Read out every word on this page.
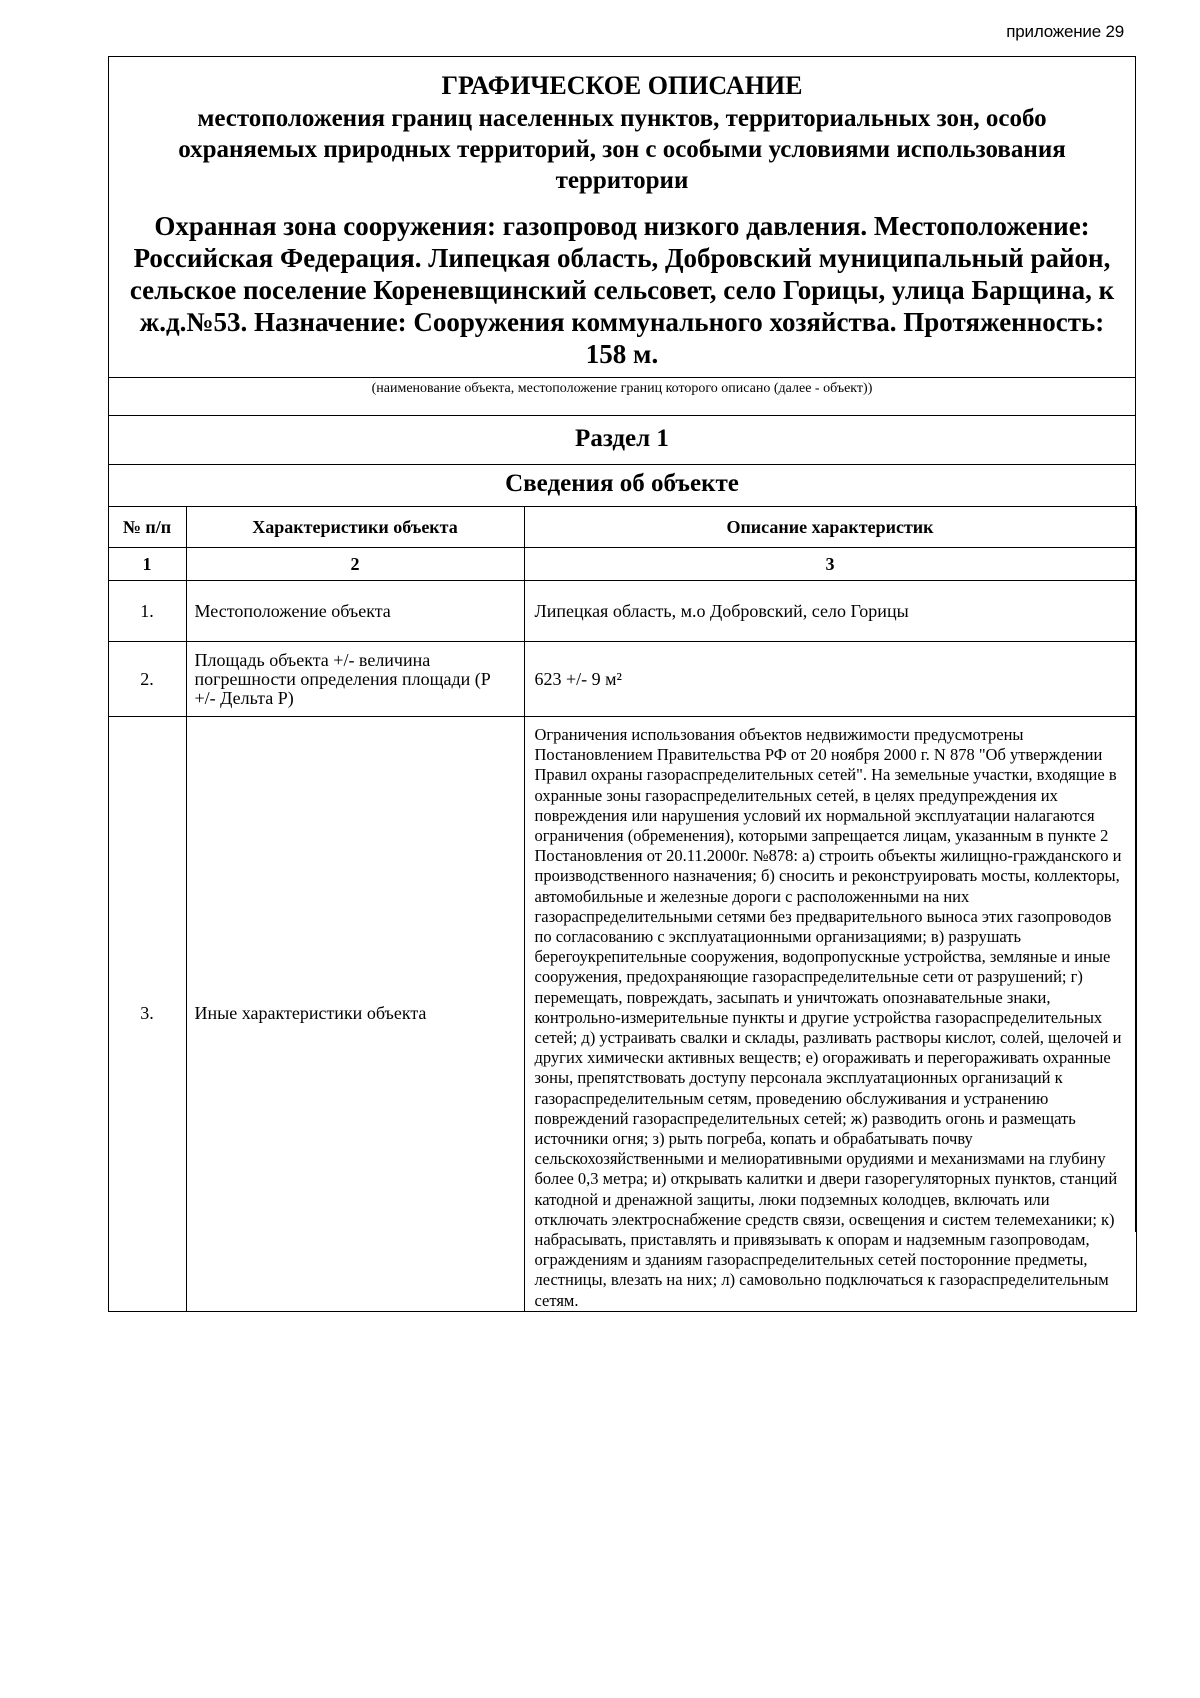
приложение 29
ГРАФИЧЕСКОЕ ОПИСАНИЕ
местоположения границ населенных пунктов, территориальных зон, особо охраняемых природных территорий, зон с особыми условиями использования территории
Охранная зона сооружения: газопровод низкого давления. Местоположение: Российская Федерация. Липецкая область, Добровский муниципальный район, сельское поселение Кореневщинский сельсовет, село Горицы, улица Барщина, к ж.д.№53. Назначение: Сооружения коммунального хозяйства. Протяженность: 158 м.
(наименование объекта, местоположение границ которого описано (далее - объект))
Раздел 1
Сведения об объекте
№ п/п	Характеристики объекта	Описание характеристик
1	2	3
1.	Местоположение объекта	Липецкая область, м.о Добровский, село Горицы
2.	Площадь объекта +/- величина погрешности определения площади (P +/- Дельта P)	623 +/- 9 м²
3.	Иные характеристики объекта	Ограничения использования объектов недвижимости предусмотрены Постановлением Правительства РФ от 20 ноября 2000 г. N 878 "Об утверждении Правил охраны газораспределительных сетей". На земельные участки, входящие в охранные зоны газораспределительных сетей, в целях предупреждения их повреждения или нарушения условий их нормальной эксплуатации налагаются ограничения (обременения), которыми запрещается лицам, указанным в пункте 2 Постановления от 20.11.2000г. №878: а) строить объекты жилищно-гражданского и производственного назначения; б) сносить и реконструировать мосты, коллекторы, автомобильные и железные дороги с расположенными на них газораспределительными сетями без предварительного выноса этих газопроводов по согласованию с эксплуатационными организациями; в) разрушать берегоукрепительные сооружения, водопропускные устройства, земляные и иные сооружения, предохраняющие газораспределительные сети от разрушений; г) перемещать, повреждать, засыпать и уничтожать опознавательные знаки, контрольно-измерительные пункты и другие устройства газораспределительных сетей; д) устраивать свалки и склады, разливать растворы кислот, солей, щелочей и других химически активных веществ; е) огораживать и перегораживать охранные зоны, препятствовать доступу персонала эксплуатационных организаций к газораспределительным сетям, проведению обслуживания и устранению повреждений газораспределительных сетей; ж) разводить огонь и размещать источники огня; з) рыть погреба, копать и обрабатывать почву сельскохозяйственными и мелиоративными орудиями и механизмами на глубину более 0,3 метра; и) открывать калитки и двери газорегуляторных пунктов, станций катодной и дренажной защиты, люки подземных колодцев, включать или отключать электроснабжение средств связи, освещения и систем телемеханики; к) набрасывать, приставлять и привязывать к опорам и надземным газопроводам, ограждениям и зданиям газораспределительных сетей посторонние предметы, лестницы, влезать на них; л) самовольно подключаться к газораспределительным сетям.
